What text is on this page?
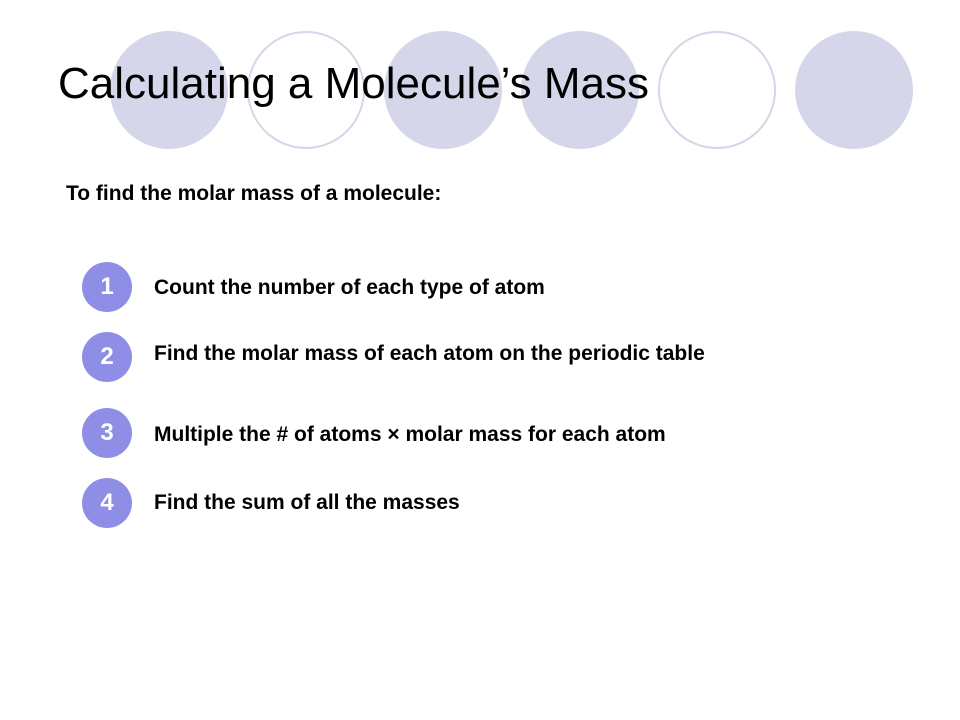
Calculating a Molecule’s Mass
To find the molar mass of a molecule:
1	Count the number of each type of atom
2	Find the molar mass of each atom on the periodic table
3	Multiple the # of atoms × molar mass for each atom
4	Find the sum of all the masses
